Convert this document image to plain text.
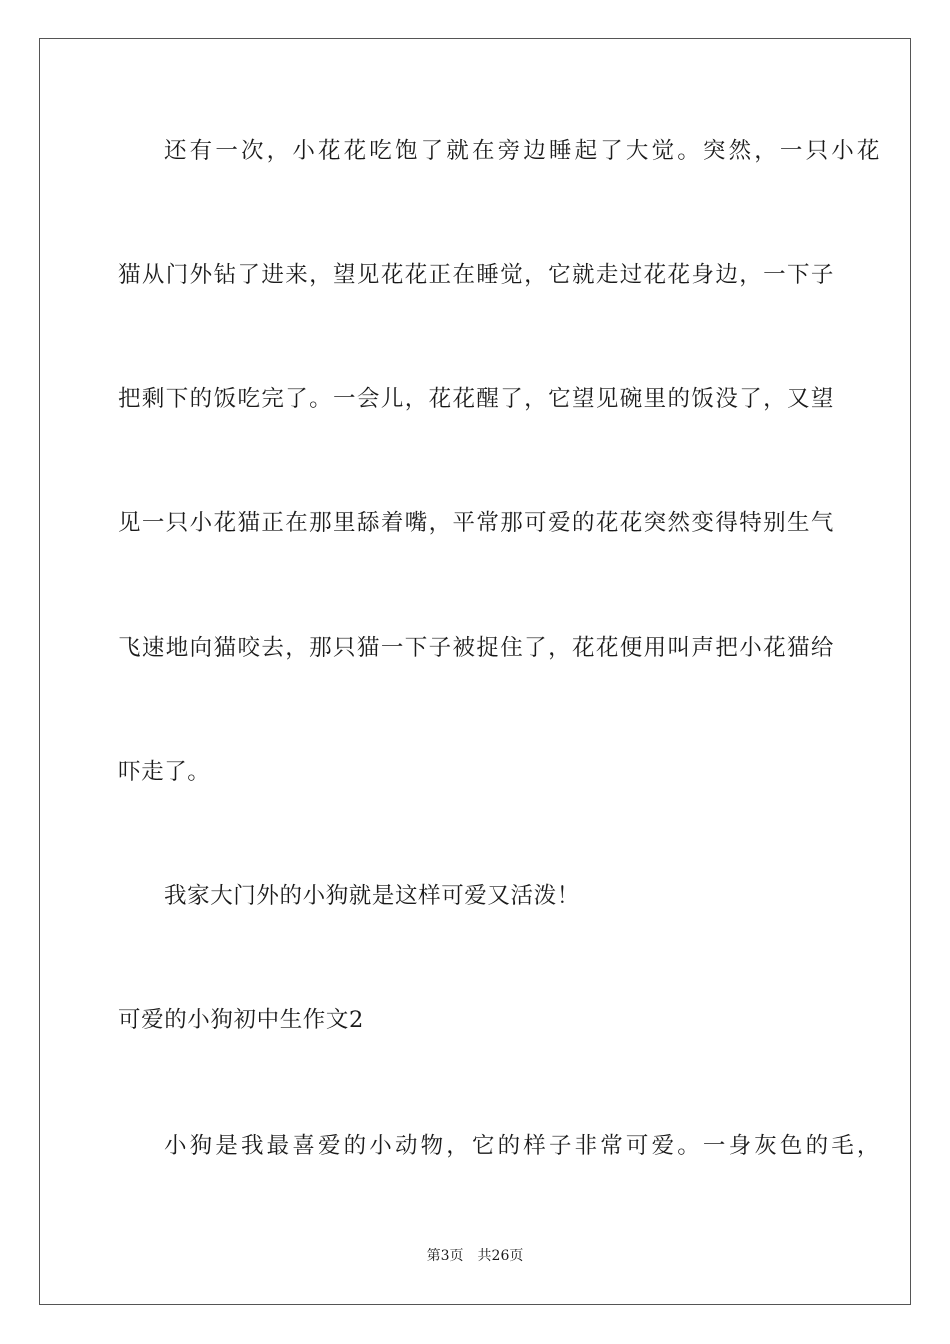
还有一次，小花花吃饱了就在旁边睡起了大觉。突然，一只小花
猫从门外钻了进来，望见花花正在睡觉，它就走过花花身边，一下子
把剩下的饭吃完了。一会儿，花花醒了，它望见碗里的饭没了，又望
见一只小花猫正在那里舔着嘴，平常那可爱的花花突然变得特别生气
飞速地向猫咬去，那只猫一下子被捉住了，花花便用叫声把小花猫给
吓走了。
我家大门外的小狗就是这样可爱又活泼！
可爱的小狗初中生作文2
小狗是我最喜爱的小动物，它的样子非常可爱。一身灰色的毛，
第3页　共26页
